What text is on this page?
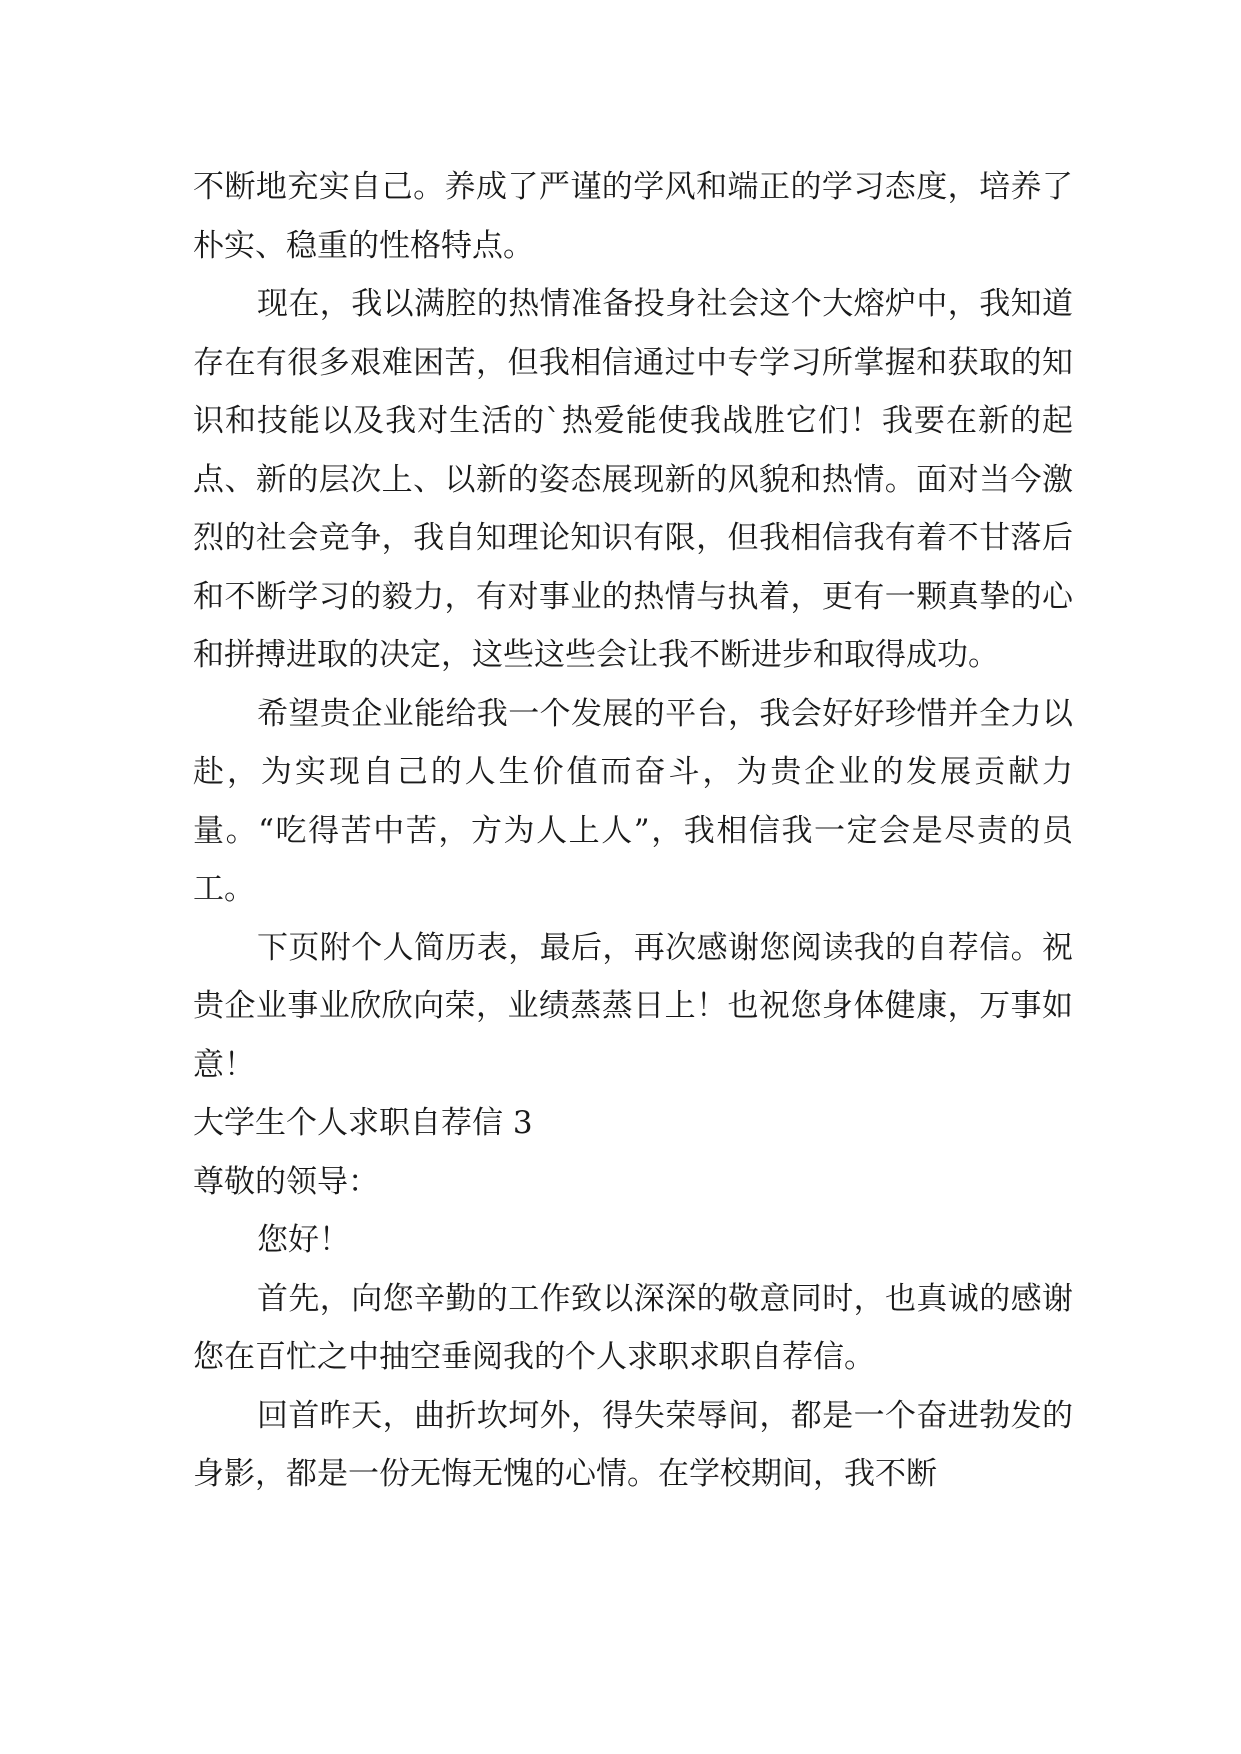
不断地充实自己。养成了严谨的学风和端正的学习态度，培养了朴实、稳重的性格特点。

现在，我以满腔的热情准备投身社会这个大熔炉中，我知道存在有很多艰难困苦，但我相信通过中专学习所掌握和获取的知识和技能以及我对生活的`热爱能使我战胜它们！我要在新的起点、新的层次上、以新的姿态展现新的风貌和热情。面对当今激烈的社会竞争，我自知理论知识有限，但我相信我有着不甘落后和不断学习的毅力，有对事业的热情与执着，更有一颗真挚的心和拼搏进取的决定，这些这些会让我不断进步和取得成功。

希望贵企业能给我一个发展的平台，我会好好珍惜并全力以赴，为实现自己的人生价值而奋斗，为贵企业的发展贡献力量。“吃得苦中苦，方为人上人”，我相信我一定会是尽责的员工。

下页附个人简历表，最后，再次感谢您阅读我的自荐信。祝贵企业事业欣欣向荣，业绩蒸蒸日上！也祝您身体健康，万事如意！

大学生个人求职自荐信 3

尊敬的领导：

您好！

首先，向您辛勤的工作致以深深的敬意同时，也真诚的感谢您在百忙之中抽空垂阅我的个人求职求职自荐信。

回首昨天，曲折坎坷外，得失荣辱间，都是一个奋进勃发的身影，都是一份无悔无愧的心情。在学校期间，我不断
